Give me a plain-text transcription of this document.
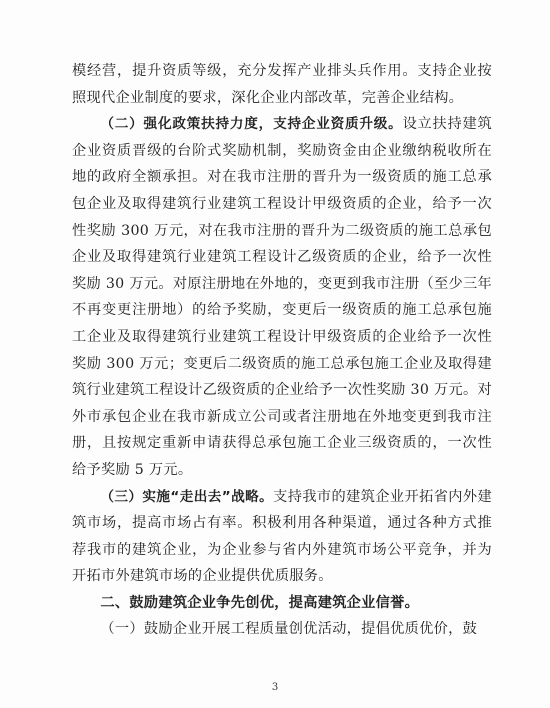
模经营，提升资质等级，充分发挥产业排头兵作用。支持企业按照现代企业制度的要求，深化企业内部改革，完善企业结构。

（二）强化政策扶持力度，支持企业资质升级。设立扶持建筑企业资质晋级的台阶式奖励机制，奖励资金由企业缴纳税收所在地的政府全额承担。对在我市注册的晋升为一级资质的施工总承包企业及取得建筑行业建筑工程设计甲级资质的企业，给予一次性奖励 300 万元，对在我市注册的晋升为二级资质的施工总承包企业及取得建筑行业建筑工程设计乙级资质的企业，给予一次性奖励 30 万元。对原注册地在外地的，变更到我市注册（至少三年不再变更注册地）的给予奖励，变更后一级资质的施工总承包施工企业及取得建筑行业建筑工程设计甲级资质的企业给予一次性奖励 300 万元；变更后二级资质的施工总承包施工企业及取得建筑行业建筑工程设计乙级资质的企业给予一次性奖励 30 万元。对外市承包企业在我市新成立公司或者注册地在外地变更到我市注册，且按规定重新申请获得总承包施工企业三级资质的，一次性给予奖励 5 万元。

（三）实施“走出去”战略。支持我市的建筑企业开拓省内外建筑市场，提高市场占有率。积极利用各种渠道，通过各种方式推荐我市的建筑企业，为企业参与省内外建筑市场公平竞争，并为开拓市外建筑市场的企业提供优质服务。

二、鼓励建筑企业争先创优，提高建筑企业信誉。

（一）鼓励企业开展工程质量创优活动，提倡优质优价，鼓

3
